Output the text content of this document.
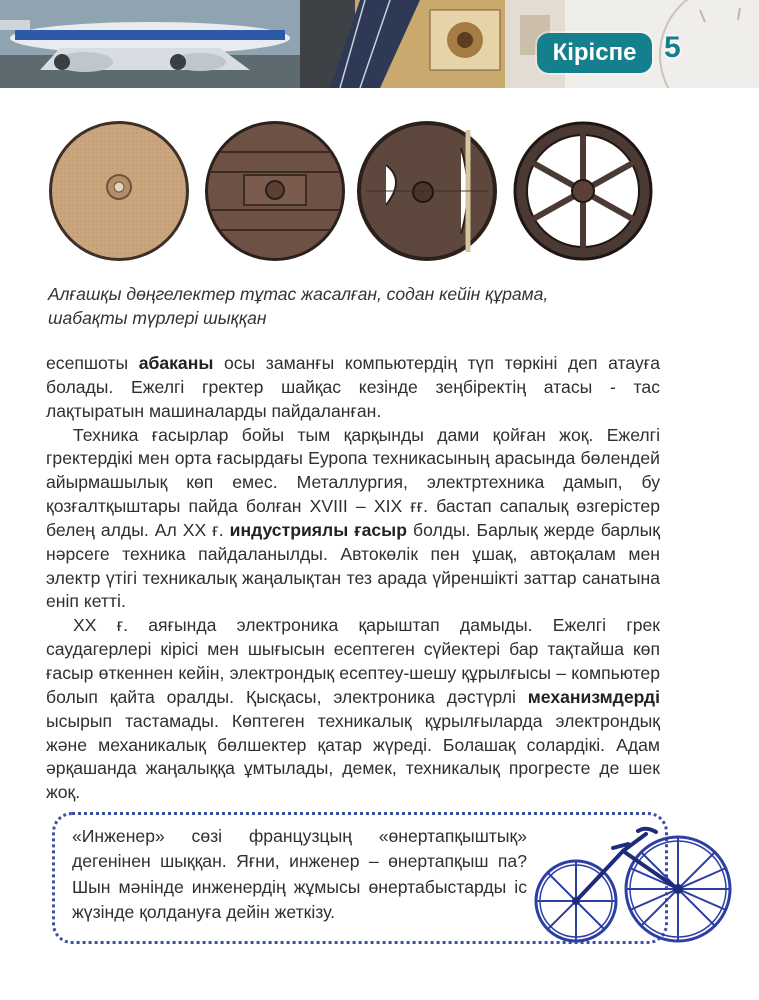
Кіріспе 5
Алғашқы дөңгелектер тұтас жасалған, содан кейін құрама,
шабақты түрлері шыққан

есепшоты абаканы осы заманғы компьютердің түп төркіні деп атауға болады. Ежелгі гректер шайқас кезінде зеңбіректің атасы - тас лақтыратын машиналарды пайдаланған.

Техника ғасырлар бойы тым қарқынды дами қойған жоқ. Ежелгі гректердікі мен орта ғасырдағы Еуропа техникасының арасында бөлендей айырмашылық көп емес. Металлургия, электртехника дамып, бу қозғалтқыштары пайда болған XVIII – XIX ғғ. бастап сапалық өзгерістер белең алды. Ал XX ғ. индустриялы ғасыр болды. Барлық жерде барлық нәрсеге техника пайдаланылды. Автокөлік пен ұшақ, автоқалам мен электр үтігі техникалық жаңалықтан тез арада үйреншікті заттар санатына еніп кетті.

XX ғ. аяғында электроника қарыштап дамыды. Ежелгі грек саудагерлері кірісі мен шығысын есептеген сүйектері бар тақтайша көп ғасыр өткеннен кейін, электрондық есептеу-шешу құрылғысы – компьютер болып қайта оралды. Қысқасы, электроника дәстүрлі механизмдерді ысырып тастамады. Көптеген техникалық құрылғыларда электрондық және механикалық бөлшектер қатар жүреді. Болашақ солардікі. Адам әрқашанда жаңалыққа ұмтылады, демек, техникалық прогресте де шек жоқ.

«Инженер» сөзі французцың «өнертапқыштық» дегенінен шыққан. Яғни, инженер – өнертапқыш па? Шын мәнінде инженердің жұмысы өнертабыстарды іс жүзінде қолдануға дейін жеткізу.
